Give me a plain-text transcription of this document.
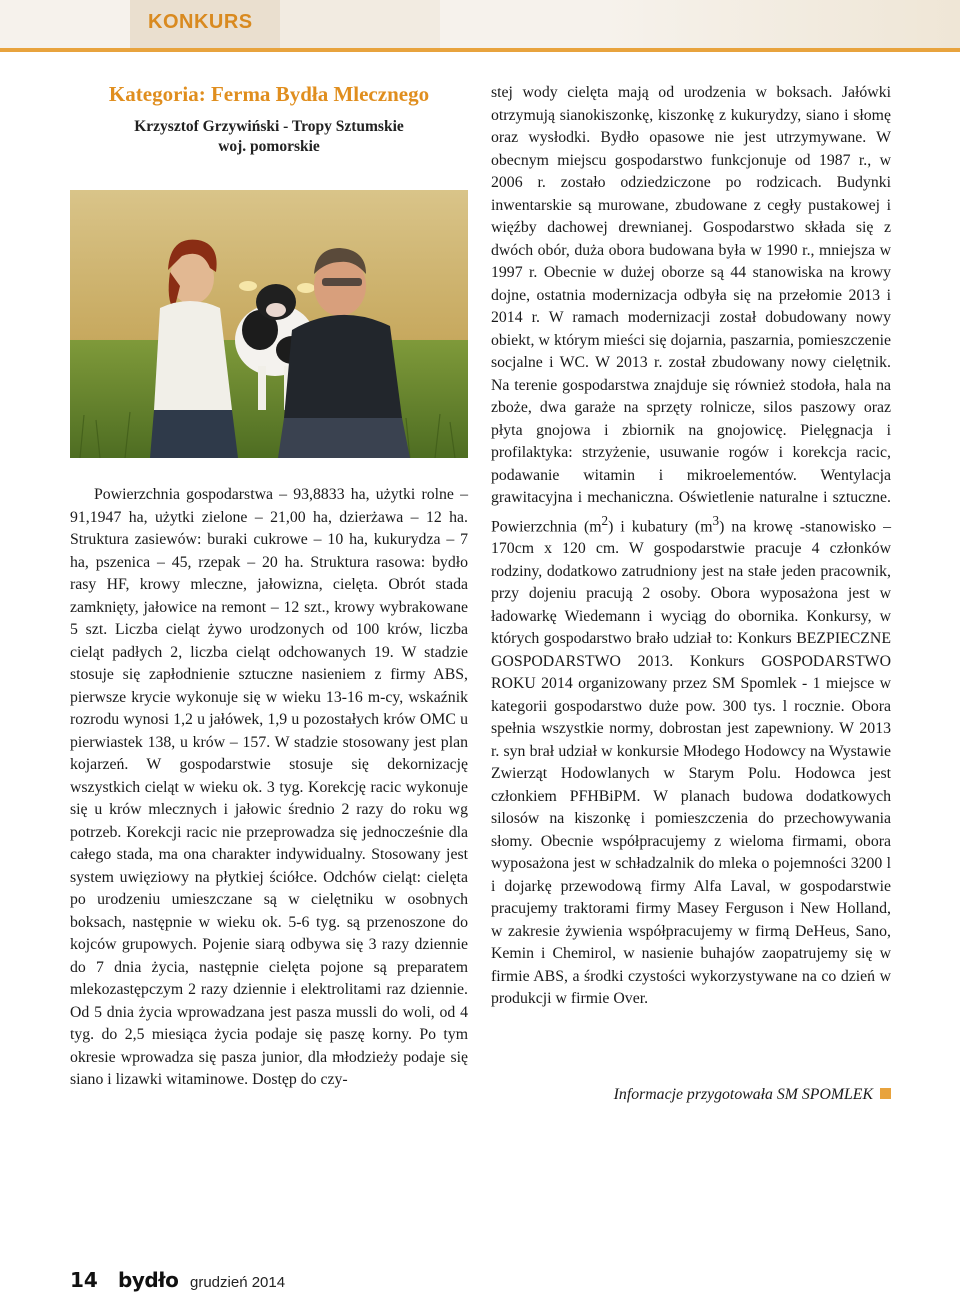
KONKURS
Kategoria: Ferma Bydła Mlecznego
Krzysztof Grzywiński - Tropy Sztumskie
woj. pomorskie

Powierzchnia gospodarstwa – 93,8833 ha, użytki rolne – 91,1947 ha, użytki zielone – 21,00 ha, dzierżawa – 12 ha. Struktura zasiewów: buraki cukrowe – 10 ha, kukurydza – 7 ha, pszenica – 45, rzepak – 20 ha. Struktura rasowa: bydło rasy HF, krowy mleczne, jałowizna, cielęta. Obrót stada zamknięty, jałowice na remont – 12 szt., krowy wybrakowane 5 szt. Liczba cieląt żywo urodzonych od 100 krów, liczba cieląt padłych 2, liczba cieląt odchowanych 19. W stadzie stosuje się zapłodnienie sztuczne nasieniem z firmy ABS, pierwsze krycie wykonuje się w wieku 13-16 m-cy, wskaźnik rozrodu wynosi 1,2 u jałówek, 1,9 u pozostałych krów OMC u pierwiastek 138, u krów – 157. W stadzie stosowany jest plan kojarzeń. W gospodarstwie stosuje się dekornizację wszystkich cieląt w wieku ok. 3 tyg. Korekcję racic wykonuje się u krów mlecznych i jałowic średnio 2 razy do roku wg potrzeb. Korekcji racic nie przeprowadza się jednocześnie dla całego stada, ma ona charakter indywidualny. Stosowany jest system uwięziowy na płytkiej ściółce. Odchów cieląt: cielęta po urodzeniu umieszczane są w cielętniku w osobnych boksach, następnie w wieku ok. 5-6 tyg. są przenoszone do kojców grupowych. Pojenie siarą odbywa się 3 razy dziennie do 7 dnia życia, następnie cielęta pojone są preparatem mlekozastępczym 2 razy dziennie i elektrolitami raz dziennie. Od 5 dnia życia wprowadzana jest pasza mussli do woli, od 4 tyg. do 2,5 miesiąca życia podaje się paszę korny. Po tym okresie wprowadza się pasza junior, dla młodzieży podaje się siano i lizawki witaminowe. Dostęp do czy-

stej wody cielęta mają od urodzenia w boksach. Jałówki otrzymują sianokiszonkę, kiszonkę z kukurydzy, siano i słomę oraz wysłodki. Bydło opasowe nie jest utrzymywane. W obecnym miejscu gospodarstwo funkcjonuje od 1987 r., w 2006 r. zostało odziedziczone po rodzicach. Budynki inwentarskie są murowane, zbudowane z cegły pustakowej i więźby dachowej drewnianej. Gospodarstwo składa się z dwóch obór, duża obora budowana była w 1990 r., mniejsza w 1997 r. Obecnie w dużej oborze są 44 stanowiska na krowy dojne, ostatnia modernizacja odbyła się na przełomie 2013 i 2014 r. W ramach modernizacji został dobudowany nowy obiekt, w którym mieści się dojarnia, paszarnia, pomieszczenie socjalne i WC. W 2013 r. został zbudowany nowy cielętnik. Na terenie gospodarstwa znajduje się również stodoła, hala na zboże, dwa garaże na sprzęty rolnicze, silos paszowy oraz płyta gnojowa i zbiornik na gnojowicę. Pielęgnacja i profilaktyka: strzyżenie, usuwanie rogów i korekcja racic, podawanie witamin i mikroelementów. Wentylacja grawitacyjna i mechaniczna. Oświetlenie naturalne i sztuczne. Powierzchnia $(m^2)$ i kubatury $(m^3)$ na krowę -stanowisko – 170cm x 120 cm. W gospodarstwie pracuje 4 członków rodziny, dodatkowo zatrudniony jest na stałe jeden pracownik, przy dojeniu pracują 2 osoby. Obora wyposażona jest w ładowarkę Wiedemann i wyciąg do obornika. Konkursy, w których gospodarstwo brało udział to: Konkurs BEZPIECZNE GOSPODARSTWO 2013. Konkurs GOSPODARSTWO ROKU 2014 organizowany przez SM Spomlek - 1 miejsce w kategorii gospodarstwo duże pow. 300 tys. l rocznie. Obora spełnia wszystkie normy, dobrostan jest zapewniony. W 2013 r. syn brał udział w konkursie Młodego Hodowcy na Wystawie Zwierząt Hodowlanych w Starym Polu. Hodowca jest członkiem PFHBiPM. W planach budowa dodatkowych silosów na kiszonkę i pomieszczenia do przechowywania słomy. Obecnie współpracujemy z wieloma firmami, obora wyposażona jest w schładzalnik do mleka o pojemności 3200 l i dojarkę przewodową firmy Alfa Laval, w gospodarstwie pracujemy traktorami firmy Masey Ferguson i New Holland, w zakresie żywienia współpracujemy w firmą DeHeus, Sano, Kemin i Chemirol, w nasienie buhajów zaopatrujemy się w firmie ABS, a środki czystości wykorzystywane na co dzień w produkcji w firmie Over.

Informacje przygotowała SM SPOMLEK
14 bydło grudzień 2014
